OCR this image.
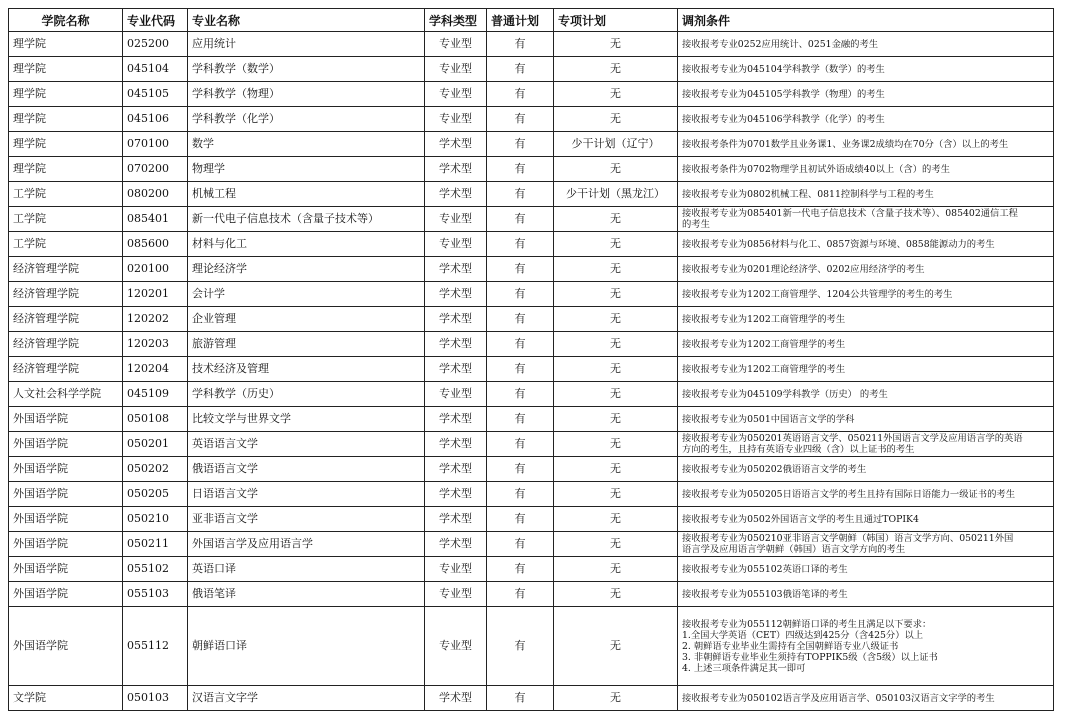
学院名称	专业代码	专业名称	学科类型	普通计划	专项计划	调剂条件
理学院	025200	应用统计	专业型	有	无	接收报考专业0252应用统计、0251金融的考生

理学院	045104	学科教学（数学）	专业型	有	无	接收报考专业为045104学科教学（数学）的考生

理学院	045105	学科教学（物理）	专业型	有	无	接收报考专业为045105学科教学（物理）的考生

理学院	045106	学科教学（化学）	专业型	有	无	接收报考专业为045106学科教学（化学）的考生

理学院	070100	数学	学术型	有	少干计划（辽宁）	接收报考条件为0701数学且业务课1、业务课2成绩均在70分（含）以上的考生

理学院	070200	物理学	学术型	有	无	接收报考条件为0702物理学且初试外语成绩40以上（含）的考生

工学院	080200	机械工程	学术型	有	少干计划（黑龙江）	接收报考专业为0802机械工程、0811控制科学与工程的考生

工学院	085401	新一代电子信息技术（含量子技术等）	专业型	有	无	接收报考专业为085401新一代电子信息技术（含量子技术等）、085402通信工程
的考生

工学院	085600	材料与化工	专业型	有	无	接收报考专业为0856材料与化工、0857资源与环境、0858能源动力的考生

经济管理学院	020100	理论经济学	学术型	有	无	接收报考专业为0201理论经济学、0202应用经济学的考生

经济管理学院	120201	会计学	学术型	有	无	接收报考专业为1202工商管理学、1204公共管理学的考生的考生

经济管理学院	120202	企业管理	学术型	有	无	接收报考专业为1202工商管理学的考生

经济管理学院	120203	旅游管理	学术型	有	无	接收报考专业为1202工商管理学的考生

经济管理学院	120204	技术经济及管理	学术型	有	无	接收报考专业为1202工商管理学的考生

人文社会科学学院	045109	学科教学（历史）	专业型	有	无	接收报考专业为045109学科教学（历史） 的考生

外国语学院	050108	比较文学与世界文学	学术型	有	无	接收报考专业为0501中国语言文学的学科

外国语学院	050201	英语语言文学	学术型	有	无	接收报考专业为050201英语语言文学、050211外国语言文学及应用语言学的英语
方向的考生，且持有英语专业四级（含）以上证书的考生

外国语学院	050202	俄语语言文学	学术型	有	无	接收报考专业为050202俄语语言文学的考生

外国语学院	050205	日语语言文学	学术型	有	无	接收报考专业为050205日语语言文学的考生且持有国际日语能力一级证书的考生

外国语学院	050210	亚非语言文学	学术型	有	无	接收报考专业为0502外国语言文学的考生且通过TOPIK4

外国语学院	050211	外国语言学及应用语言学	学术型	有	无	接收报考专业为050210亚非语言文学朝鲜（韩国）语言文学方向、050211外国
语言学及应用语言学朝鲜（韩国）语言文学方向的考生

外国语学院	055102	英语口译	专业型	有	无	接收报考专业为055102英语口译的考生

外国语学院	055103	俄语笔译	专业型	有	无	接收报考专业为055103俄语笔译的考生

外国语学院	055112	朝鲜语口译	专业型	有	无	接收报考专业为055112朝鲜语口译的考生且满足以下要求：
1.全国大学英语（CET）四级达到425分（含425分）以上
2. 朝鲜语专业毕业生需持有全国朝鲜语专业八级证书
3. 非朝鲜语专业毕业生须持有TOPPIK5级（含5级）以上证书
4. 上述三项条件满足其一即可

文学院	050103	汉语言文字学	学术型	有	无	接收报考专业为050102语言学及应用语言学、050103汉语言文字学的考生
